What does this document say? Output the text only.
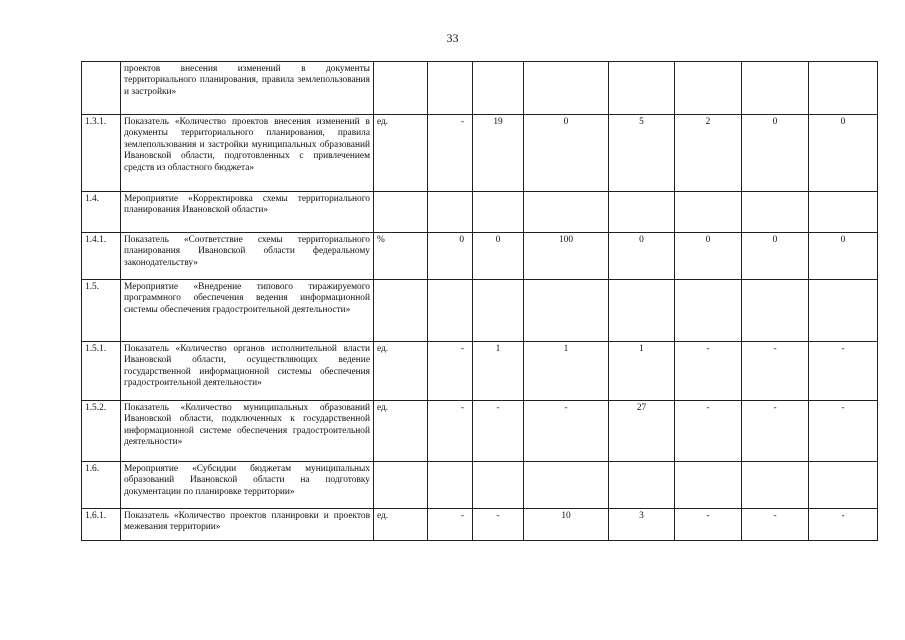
33
	проектов внесения изменений в документы территориального планирования, правила землепользования и застройки»								
1.3.1.	Показатель «Количество проектов внесения изменений в документы территориального планирования, правила землепользования и застройки муниципальных образований Ивановской области, подготовленных с привлечением средств из областного бюджета»	ед.	-	19	0	5	2	0	0
1.4.	Мероприятие «Корректировка схемы территориального планирования Ивановской области»								
1.4.1.	Показатель «Соответствие схемы территориального планирования Ивановской области федеральному законодательству»	%	0	0	100	0	0	0	0
1.5.	Мероприятие «Внедрение типового тиражируемого программного обеспечения ведения информационной системы обеспечения градостроительной деятельности»								
1.5.1.	Показатель «Количество органов исполнительной власти Ивановской области, осуществляющих ведение государственной информационной системы обеспечения градостроительной деятельности»	ед.	-	1	1	1	-	-	-
1.5.2.	Показатель «Количество муниципальных образований Ивановской области, подключенных к государственной информационной системе обеспечения градостроительной деятельности»	ед.	-	-	-	27	-	-	-
1.6.	Мероприятие «Субсидии бюджетам муниципальных образований Ивановской области на подготовку документации по планировке территории»								
1.6.1.	Показатель «Количество проектов планировки и проектов межевания территории»	ед.	-	-	10	3	-	-	-
